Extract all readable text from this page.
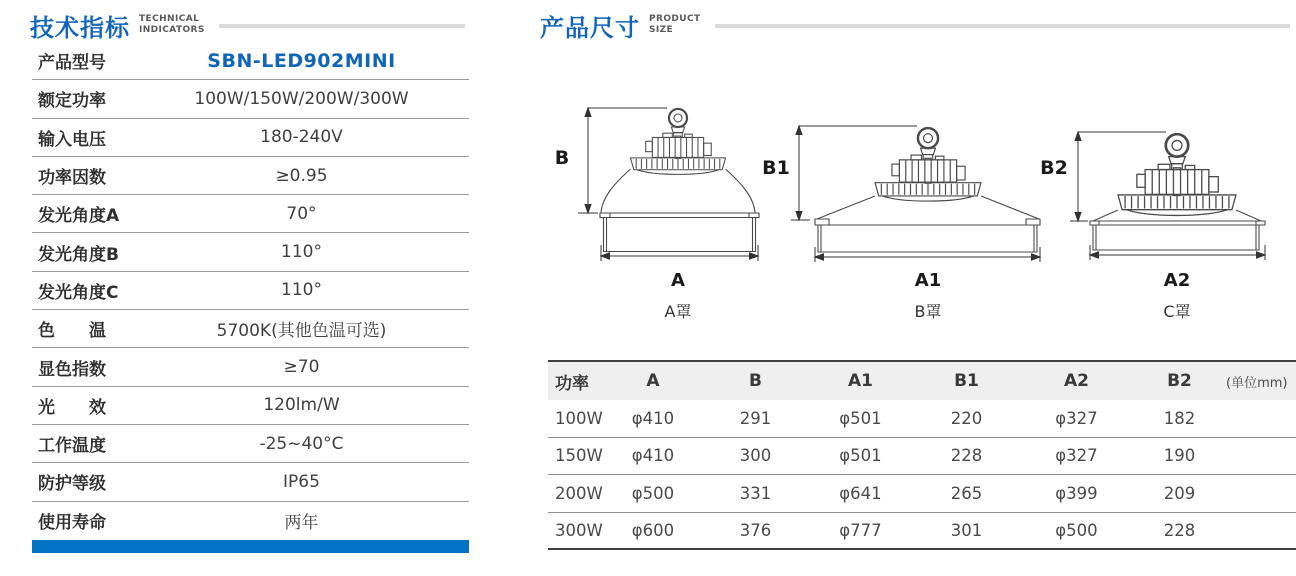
技术指标 TECHNICAL
INDICATORS
产品型号	SBN-LED902MINI
额定功率	100W/150W/200W/300W
输入电压	180-240V
功率因数	≥0.95
发光角度A	70°
发光角度B	110°
发光角度C	110°
色　　温	5700K(其他色温可选)
显色指数	≥70
光　　效	120lm/W
工作温度	-25~40°C
防护等级	IP65
使用寿命	两年
产品尺寸 PRODUCT
SIZE
B	B1	B2
A	A1	A2
A罩	B罩	C罩
功率	A	B	A1	B1	A2	B2	(单位mm)
100W	φ410	291	φ501	220	φ327	182
150W	φ410	300	φ501	228	φ327	190
200W	φ500	331	φ641	265	φ399	209
300W	φ600	376	φ777	301	φ500	228
